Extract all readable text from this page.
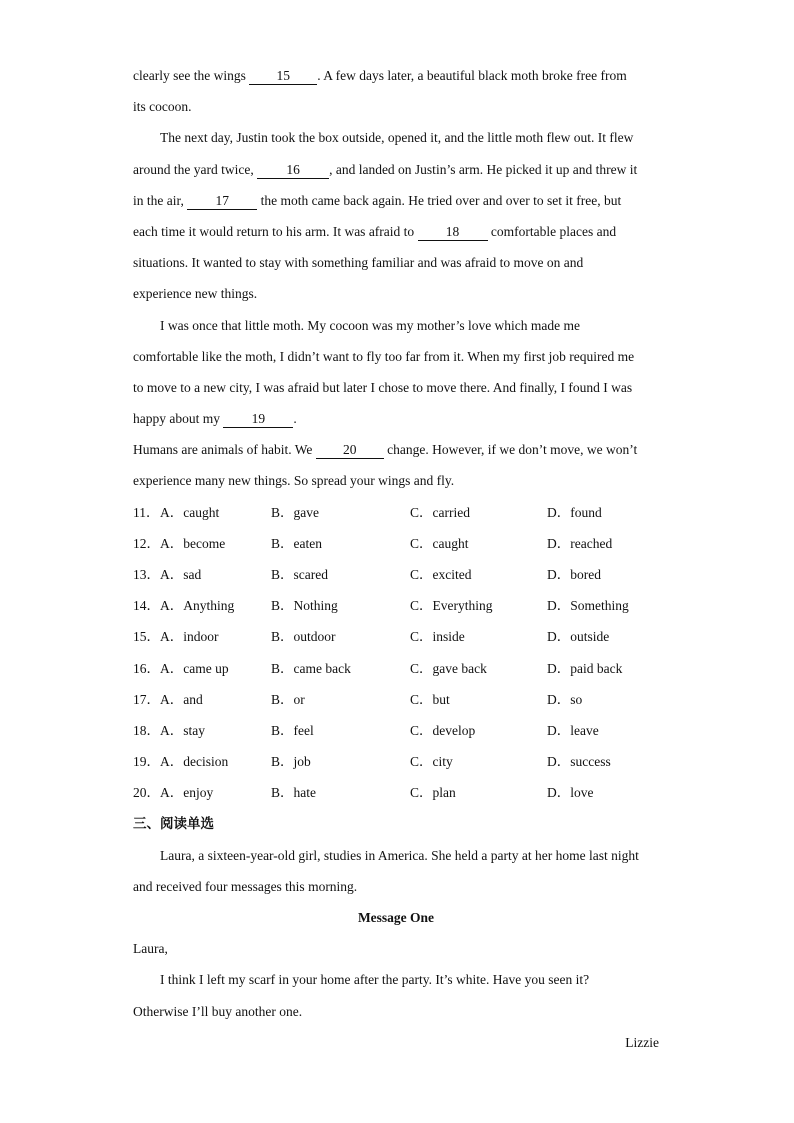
clearly see the wings 15 . A few days later, a beautiful black moth broke free from
its cocoon.
The next day, Justin took the box outside, opened it, and the little moth flew out. It flew
around the yard twice, 16 , and landed on Justin’s arm. He picked it up and threw it
in the air, 17 the moth came back again. He tried over and over to set it free, but
each time it would return to his arm. It was afraid to 18 comfortable places and
situations. It wanted to stay with something familiar and was afraid to move on and
experience new things.
I was once that little moth. My cocoon was my mother’s love which made me
comfortable like the moth, I didn’t want to fly too far from it. When my first job required me
to move to a new city, I was afraid but later I chose to move there. And finally, I found I was
happy about my 19 .
Humans are animals of habit. We 20 change. However, if we don’t move, we won’t
experience many new things. So spread your wings and fly.
11． A．caught	B．gave	C．carried	D．found
12． A．become	B．eaten	C．caught	D．reached
13． A．sad	B．scared	C．excited	D．bored
14． A．Anything	B．Nothing	C．Everything	D．Something
15． A．indoor	B．outdoor	C．inside	D．outside
16． A．came up	B．came back	C．gave back	D．paid back
17． A．and	B．or	C．but	D．so
18． A．stay	B．feel	C．develop	D．leave
19． A．decision	B．job	C．city	D．success
20． A．enjoy	B．hate	C．plan	D．love
三、阅读单选
Laura, a sixteen-year-old girl, studies in America. She held a party at her home last night
and received four messages this morning.
Message One
Laura,
I think I left my scarf in your home after the party. It’s white. Have you seen it?
Otherwise I’ll buy another one.
Lizzie
